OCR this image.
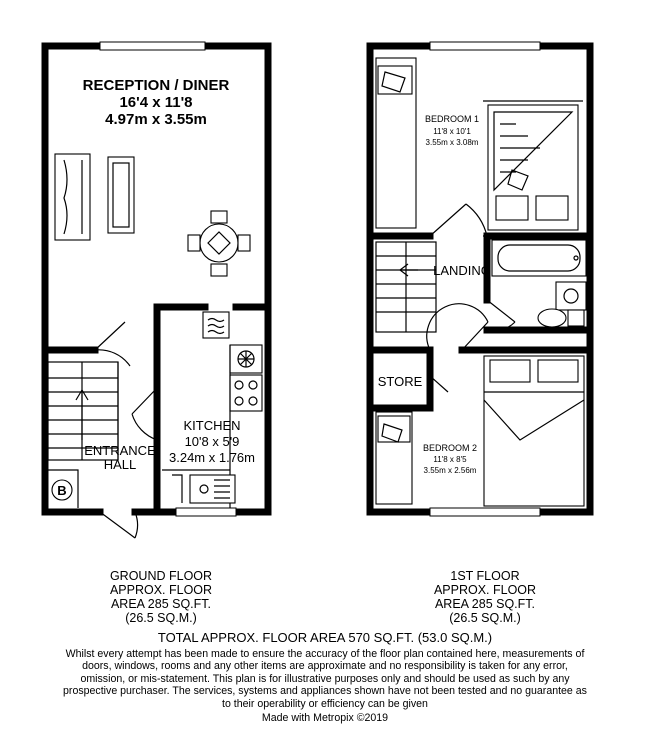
B
RECEPTION / DINER
16'4 x 11'8
4.97m x 3.55m
KITCHEN
10'8 x 5'9
3.24m x 1.76m
ENTRANCE
HALL
BEDROOM 1
11'8 x 10'1
3.55m x 3.08m
LANDING
STORE
BEDROOM 2
11'8 x 8'5
3.55m x 2.56m
GROUND FLOOR
APPROX. FLOOR
AREA 285 SQ.FT.
(26.5 SQ.M.)
1ST FLOOR
APPROX. FLOOR
AREA 285 SQ.FT.
(26.5 SQ.M.)
TOTAL APPROX. FLOOR AREA 570 SQ.FT. (53.0 SQ.M.)
Whilst every attempt has been made to ensure the accuracy of the floor plan contained here, measurements of doors, windows, rooms and any other items are approximate and no responsibility is taken for any error, omission, or mis-statement. This plan is for illustrative purposes only and should be used as such by any prospective purchaser. The services, systems and appliances shown have not been tested and no guarantee as to their operability or efficiency can be given
Made with Metropix ©2019
